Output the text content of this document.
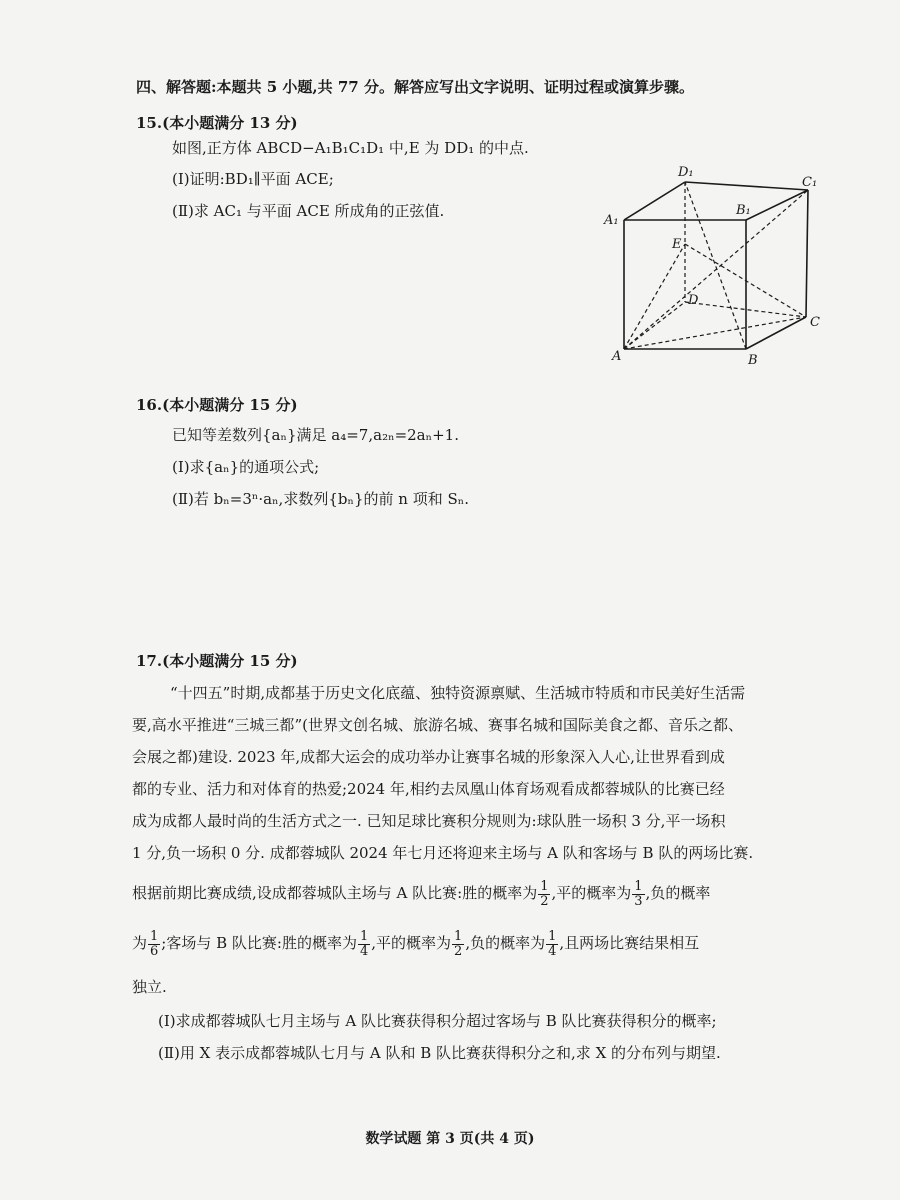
四、解答题:本题共 5 小题,共 77 分。解答应写出文字说明、证明过程或演算步骤。
15.(本小题满分 13 分)
如图,正方体 ABCD−A₁B₁C₁D₁ 中,E 为 DD₁ 的中点.
(Ⅰ)证明:BD₁∥平面 ACE;
(Ⅱ)求 AC₁ 与平面 ACE 所成角的正弦值.
D₁
C₁
A₁
B₁
E
D
C
A	B
16.(本小题满分 15 分)
已知等差数列{aₙ}满足 a₄=7,a₂ₙ=2aₙ+1.
(Ⅰ)求{aₙ}的通项公式;
(Ⅱ)若 bₙ=3ⁿ·aₙ,求数列{bₙ}的前 n 项和 Sₙ.
17.(本小题满分 15 分)
“十四五”时期,成都基于历史文化底蕴、独特资源禀赋、生活城市特质和市民美好生活需
要,高水平推进“三城三都”(世界文创名城、旅游名城、赛事名城和国际美食之都、音乐之都、
会展之都)建设. 2023 年,成都大运会的成功举办让赛事名城的形象深入人心,让世界看到成
都的专业、活力和对体育的热爱;2024 年,相约去凤凰山体育场观看成都蓉城队的比赛已经
成为成都人最时尚的生活方式之一. 已知足球比赛积分规则为:球队胜一场积 3 分,平一场积
1 分,负一场积 0 分. 成都蓉城队 2024 年七月还将迎来主场与 A 队和客场与 B 队的两场比赛.
根据前期比赛成绩,设成都蓉城队主场与 A 队比赛:胜的概率为 $\frac{1}{2}$ ,平的概率为 $\frac{1}{3}$ ,负的概率
为 $\frac{1}{6}$ ;客场与 B 队比赛:胜的概率为 $\frac{1}{4}$ ,平的概率为 $\frac{1}{2}$ ,负的概率为 $\frac{1}{4}$ ,且两场比赛结果相互
独立.
(Ⅰ)求成都蓉城队七月主场与 A 队比赛获得积分超过客场与 B 队比赛获得积分的概率;
(Ⅱ)用 X 表示成都蓉城队七月与 A 队和 B 队比赛获得积分之和,求 X 的分布列与期望.
数学试题 第 3 页(共 4 页)
